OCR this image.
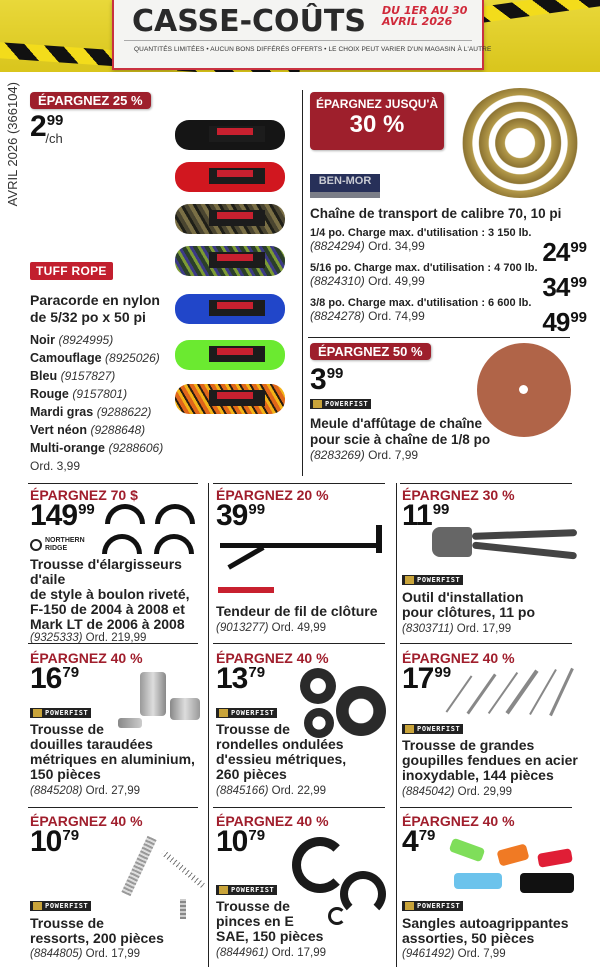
CASSE-COÛTS DU 1ER AU 30
AVRIL 2026
QUANTITÉS LIMITÉES • AUCUN BONS DIFFÉRÉS OFFERTS • LE CHOIX PEUT VARIER D'UN MAGASIN À L'AUTRE
AVRIL 2026 (366104)	ÉPARGNEZ 25 %
2 99
/ch
TUFF ROPE
Paracorde en nylon
de 5/32 po x 50 pi
Noir (8924995)
Camouflage (8925026)
Bleu (9157827)
Rouge (9157801)
Mardi gras (9288622)
Vert néon (9288648)
Multi-orange (9288606)
Ord. 3,99
ÉPARGNEZ JUSQU'À
30 %
BEN-MOR
Chaîne de transport de calibre 70, 10 pi
1/4 po. Charge max. d'utilisation : 3 150 lb.
(8824294) Ord. 34,99	24 99
5/16 po. Charge max. d'utilisation : 4 700 lb.
(8824310) Ord. 49,99	34 99
3/8 po. Charge max. d'utilisation : 6 600 lb.
(8824278) Ord. 74,99	49 99
ÉPARGNEZ 50 %
3 99
POWERFIST
Meule d'affûtage de chaîne
pour scie à chaîne de 1/8 po
(8283269) Ord. 7,99
ÉPARGNEZ 70 $
149 99
NORTHERN RIDGE
Trousse d'élargisseurs d'aile
de style à boulon riveté,
F-150 de 2004 à 2008 et
Mark LT de 2006 à 2008
(9325333) Ord. 219,99
ÉPARGNEZ 20 %
39 99
RED ROCK
Tendeur de fil de clôture
(9013277) Ord. 49,99
ÉPARGNEZ 30 %
11 99
POWERFIST
Outil d'installation
pour clôtures, 11 po
(8303711) Ord. 17,99
ÉPARGNEZ 40 %
16 79
POWERFIST
Trousse de
douilles taraudées
métriques en aluminium,
150 pièces
(8845208) Ord. 27,99
ÉPARGNEZ 40 %
13 79
POWERFIST
Trousse de
rondelles ondulées
d'essieu métriques,
260 pièces
(8845166) Ord. 22,99
ÉPARGNEZ 40 %
17 99
POWERFIST
Trousse de grandes
goupilles fendues en acier
inoxydable, 144 pièces
(8845042) Ord. 29,99
ÉPARGNEZ 40 %
10 79
POWERFIST
Trousse de
ressorts, 200 pièces
(8844805) Ord. 17,99
ÉPARGNEZ 40 %
10 79
POWERFIST
Trousse de
pinces en E
SAE, 150 pièces
(8844961) Ord. 17,99
ÉPARGNEZ 40 %
4 79
POWERFIST
Sangles autoagrippantes
assorties, 50 pièces
(9461492) Ord. 7,99
